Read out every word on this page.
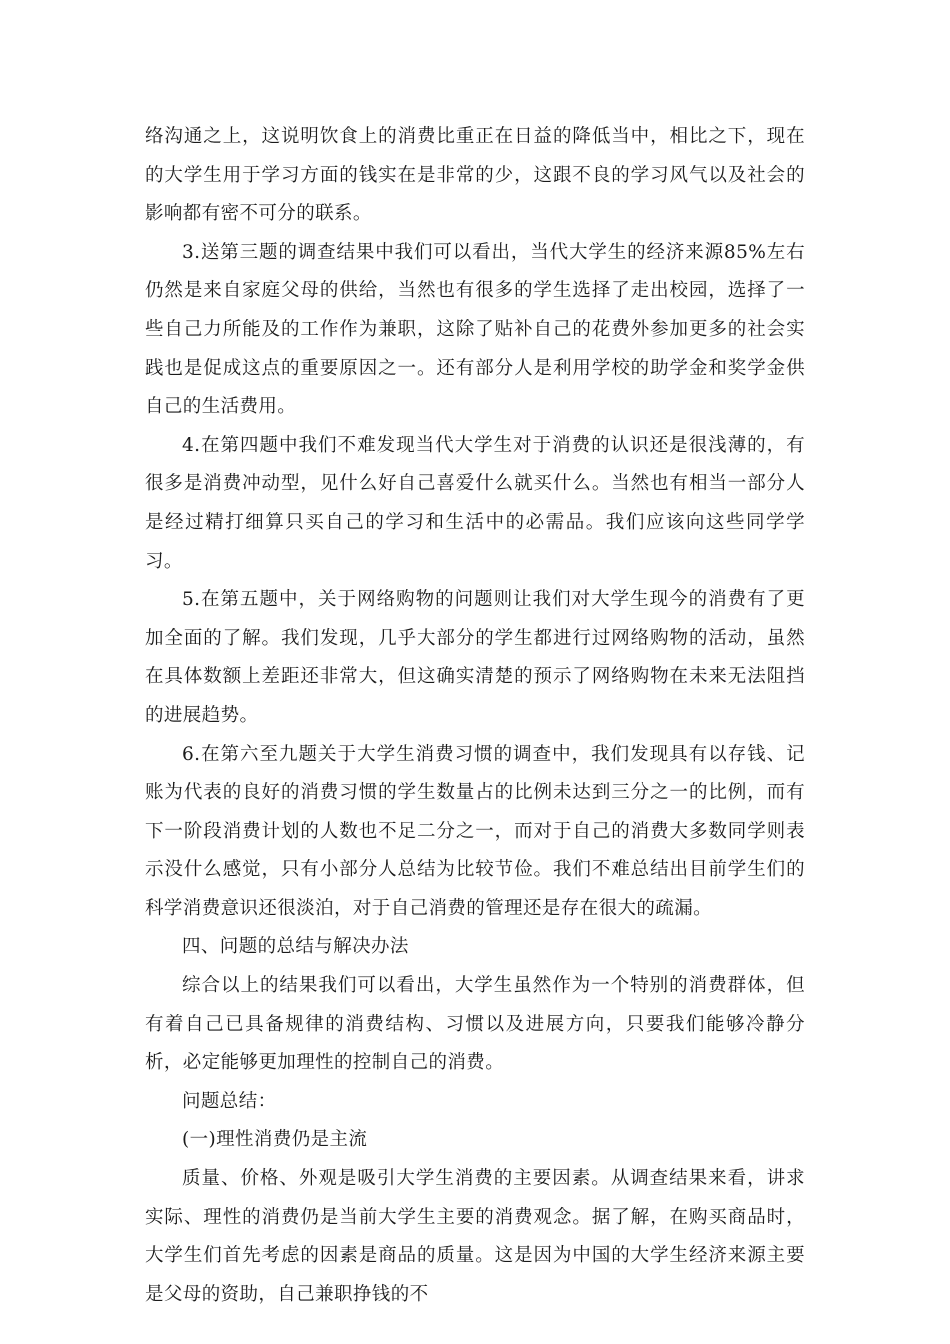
络沟通之上，这说明饮食上的消费比重正在日益的降低当中，相比之下，现在的大学生用于学习方面的钱实在是非常的少，这跟不良的学习风气以及社会的影响都有密不可分的联系。

3.送第三题的调查结果中我们可以看出，当代大学生的经济来源85%左右仍然是来自家庭父母的供给，当然也有很多的学生选择了走出校园，选择了一些自己力所能及的工作作为兼职，这除了贴补自己的花费外参加更多的社会实践也是促成这点的重要原因之一。还有部分人是利用学校的助学金和奖学金供自己的生活费用。

4.在第四题中我们不难发现当代大学生对于消费的认识还是很浅薄的，有很多是消费冲动型，见什么好自己喜爱什么就买什么。当然也有相当一部分人是经过精打细算只买自己的学习和生活中的必需品。我们应该向这些同学学习。

5.在第五题中，关于网络购物的问题则让我们对大学生现今的消费有了更加全面的了解。我们发现，几乎大部分的学生都进行过网络购物的活动，虽然在具体数额上差距还非常大，但这确实清楚的预示了网络购物在未来无法阻挡的进展趋势。

6.在第六至九题关于大学生消费习惯的调查中，我们发现具有以存钱、记账为代表的良好的消费习惯的学生数量占的比例未达到三分之一的比例，而有下一阶段消费计划的人数也不足二分之一，而对于自己的消费大多数同学则表示没什么感觉，只有小部分人总结为比较节俭。我们不难总结出目前学生们的科学消费意识还很淡泊，对于自己消费的管理还是存在很大的疏漏。

四、问题的总结与解决办法

综合以上的结果我们可以看出，大学生虽然作为一个特别的消费群体，但有着自己已具备规律的消费结构、习惯以及进展方向，只要我们能够冷静分析，必定能够更加理性的控制自己的消费。

问题总结：

(一)理性消费仍是主流

质量、价格、外观是吸引大学生消费的主要因素。从调查结果来看，讲求实际、理性的消费仍是当前大学生主要的消费观念。据了解，在购买商品时，大学生们首先考虑的因素是商品的质量。这是因为中国的大学生经济来源主要是父母的资助，自己兼职挣钱的不
